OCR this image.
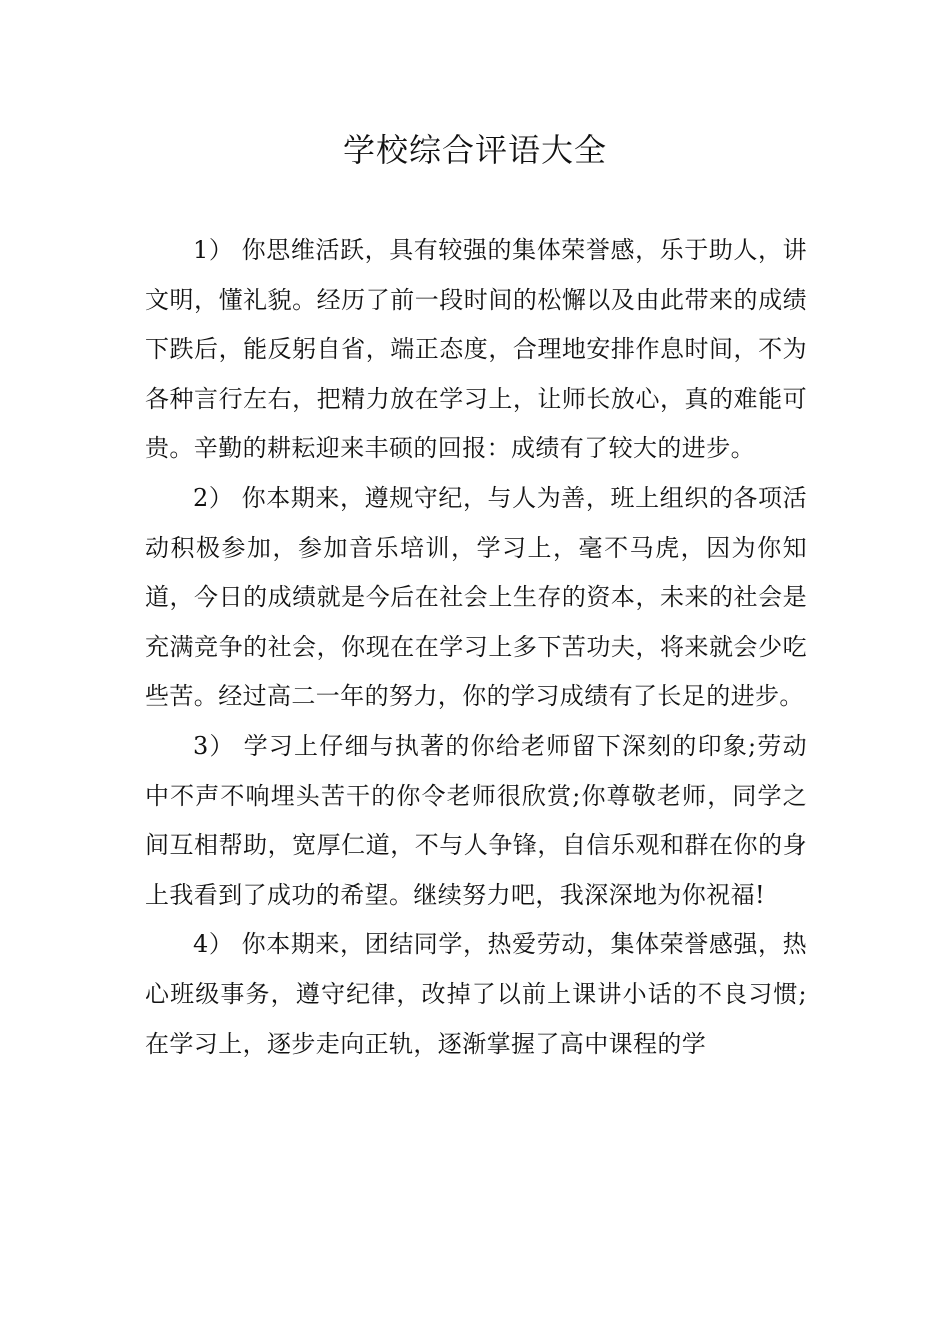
学校综合评语大全

1） 你思维活跃，具有较强的集体荣誉感，乐于助人，讲文明，懂礼貌。经历了前一段时间的松懈以及由此带来的成绩下跌后，能反躬自省，端正态度，合理地安排作息时间，不为各种言行左右，把精力放在学习上，让师长放心，真的难能可贵。辛勤的耕耘迎来丰硕的回报：成绩有了较大的进步。

2） 你本期来，遵规守纪，与人为善，班上组织的各项活动积极参加，参加音乐培训，学习上，毫不马虎，因为你知道，今日的成绩就是今后在社会上生存的资本，未来的社会是充满竞争的社会，你现在在学习上多下苦功夫，将来就会少吃些苦。经过高二一年的努力，你的学习成绩有了长足的进步。

3） 学习上仔细与执著的你给老师留下深刻的印象;劳动中不声不响埋头苦干的你令老师很欣赏;你尊敬老师，同学之间互相帮助，宽厚仁道，不与人争锋，自信乐观和群在你的身上我看到了成功的希望。继续努力吧，我深深地为你祝福!

4） 你本期来，团结同学，热爱劳动，集体荣誉感强，热心班级事务，遵守纪律，改掉了以前上课讲小话的不良习惯;在学习上，逐步走向正轨，逐渐掌握了高中课程的学
